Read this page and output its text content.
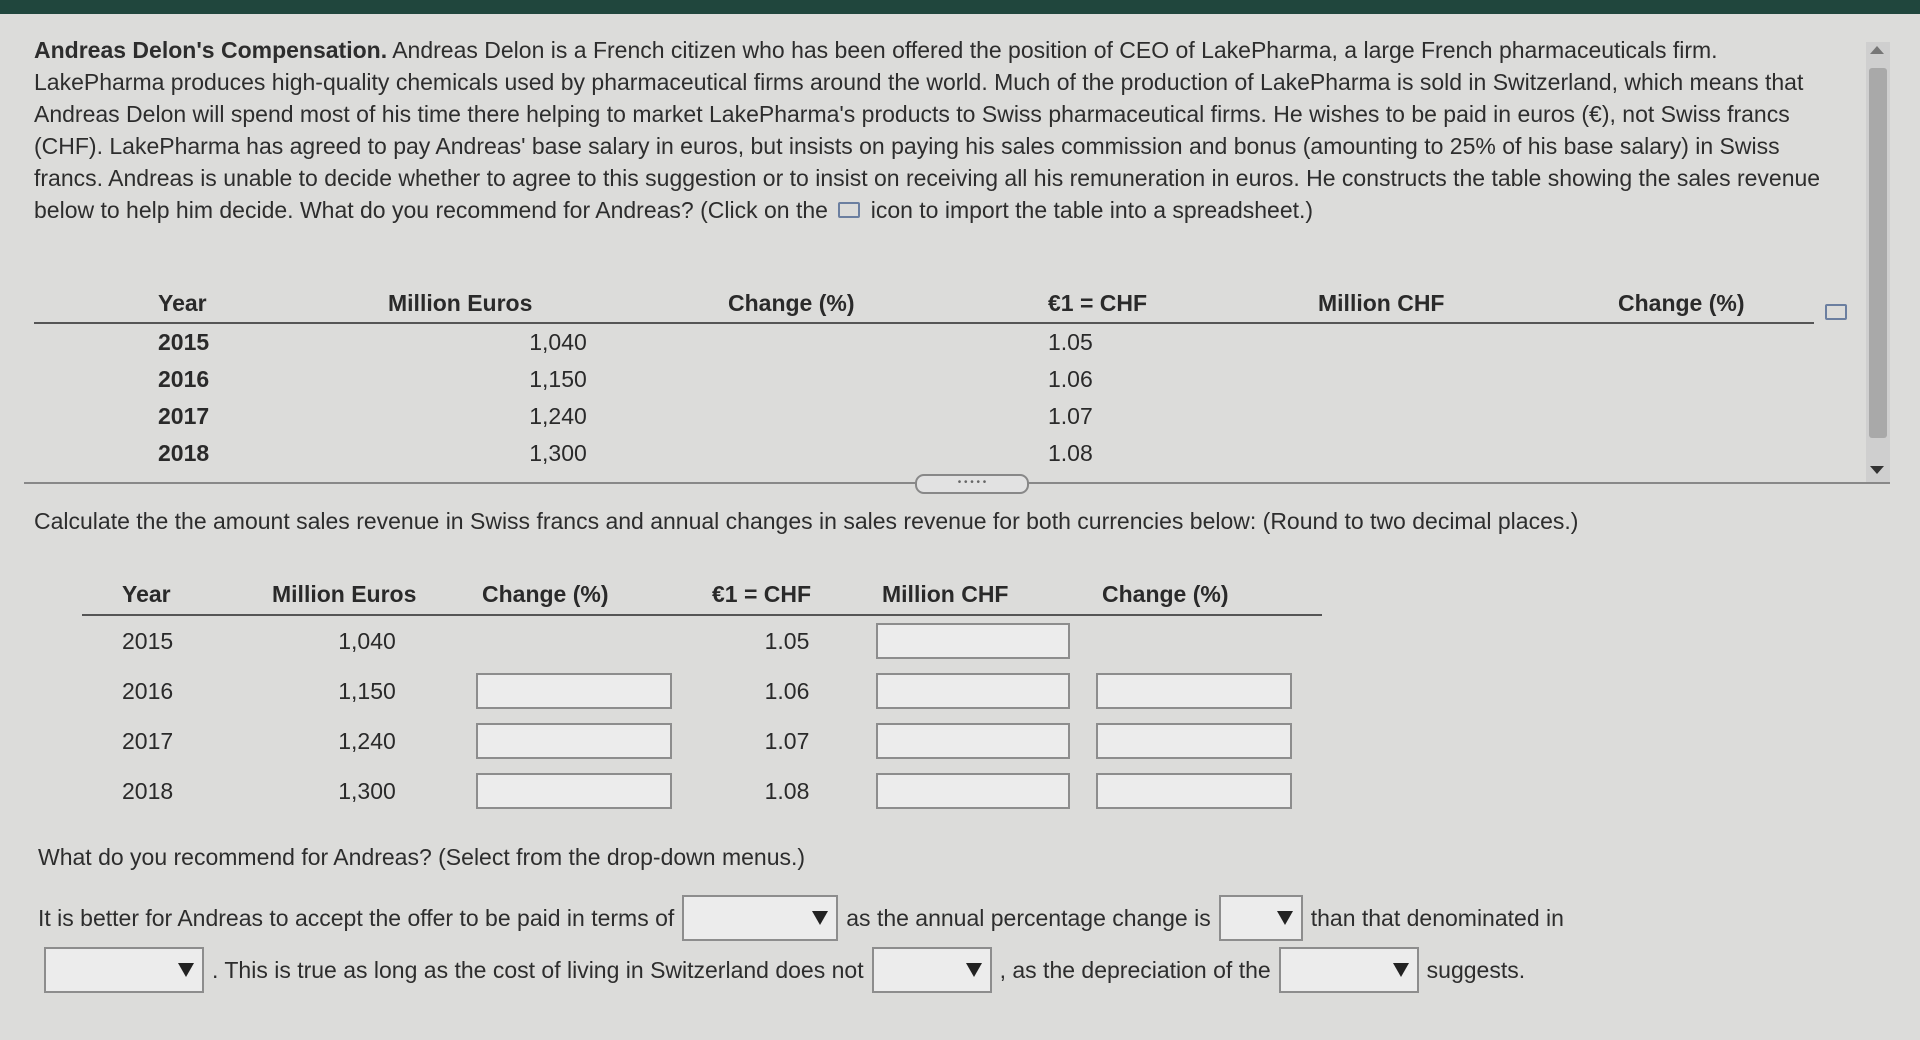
Andreas Delon's Compensation. Andreas Delon is a French citizen who has been offered the position of CEO of LakePharma, a large French pharmaceuticals firm. LakePharma produces high-quality chemicals used by pharmaceutical firms around the world. Much of the production of LakePharma is sold in Switzerland, which means that Andreas Delon will spend most of his time there helping to market LakePharma's products to Swiss pharmaceutical firms. He wishes to be paid in euros (€), not Swiss francs (CHF). LakePharma has agreed to pay Andreas' base salary in euros, but insists on paying his sales commission and bonus (amounting to 25% of his base salary) in Swiss francs. Andreas is unable to decide whether to agree to this suggestion or to insist on receiving all his remuneration in euros. He constructs the table showing the sales revenue below to help him decide. What do you recommend for Andreas? (Click on the icon to import the table into a spreadsheet.)
Year	Million Euros	Change (%)	€1 = CHF	Million CHF	Change (%)
2015	1,040		1.05		
2016	1,150		1.06		
2017	1,240		1.07		
2018	1,300		1.08		
• • • • •
Calculate the the amount sales revenue in Swiss francs and annual changes in sales revenue for both currencies below: (Round to two decimal places.)
Year	Million Euros	Change (%)	€1 = CHF	Million CHF	Change (%)
2015	1,040		1.05	

2016	1,150		1.06	

2017	1,240		1.07	

2018	1,300		1.08	

What do you recommend for Andreas? (Select from the drop-down menus.)
It is better for Andreas to accept the offer to be paid in terms of	as the annual percentage change is	than that denominated in
. This is true as long as the cost of living in Switzerland does not	, as the depreciation of the	suggests.
